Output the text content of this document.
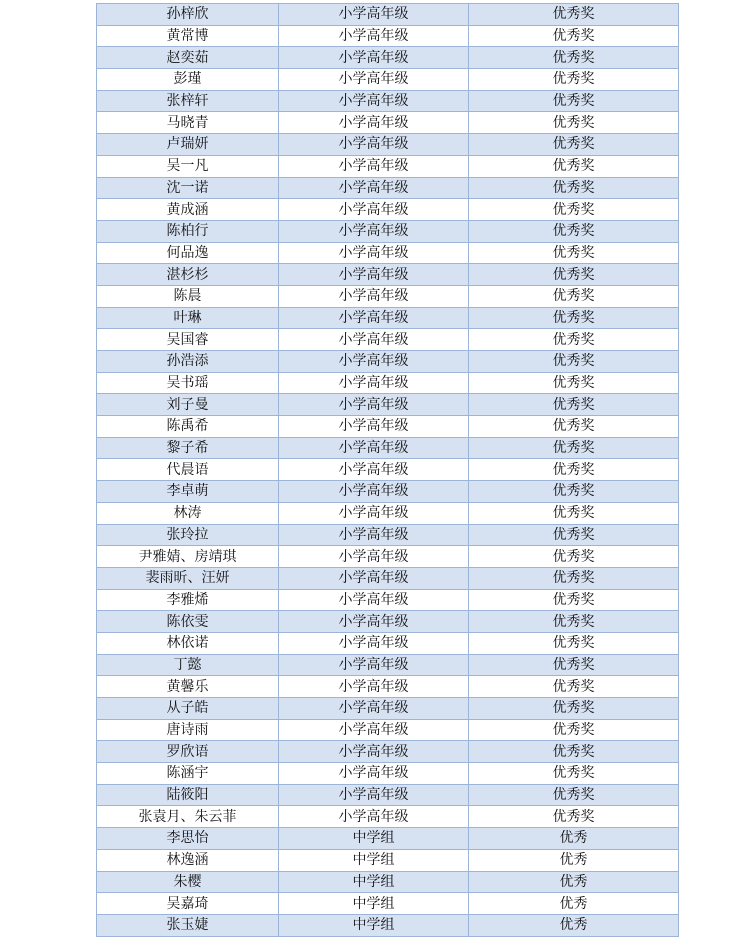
孙梓欣	小学高年级	优秀奖
黄常博	小学高年级	优秀奖
赵奕茹	小学高年级	优秀奖
彭瑾	小学高年级	优秀奖
张梓轩	小学高年级	优秀奖
马晓青	小学高年级	优秀奖
卢瑞妍	小学高年级	优秀奖
吴一凡	小学高年级	优秀奖
沈一诺	小学高年级	优秀奖
黄成涵	小学高年级	优秀奖
陈柏行	小学高年级	优秀奖
何品逸	小学高年级	优秀奖
湛杉杉	小学高年级	优秀奖
陈晨	小学高年级	优秀奖
叶琳	小学高年级	优秀奖
吴国睿	小学高年级	优秀奖
孙浩添	小学高年级	优秀奖
吴书瑶	小学高年级	优秀奖
刘子曼	小学高年级	优秀奖
陈禹希	小学高年级	优秀奖
黎子希	小学高年级	优秀奖
代晨语	小学高年级	优秀奖
李卓萌	小学高年级	优秀奖
林涛	小学高年级	优秀奖
张玲拉	小学高年级	优秀奖
尹雅婧、房靖琪	小学高年级	优秀奖
裴雨昕、汪妍	小学高年级	优秀奖
李雅烯	小学高年级	优秀奖
陈依雯	小学高年级	优秀奖
林依诺	小学高年级	优秀奖
丁懿	小学高年级	优秀奖
黄馨乐	小学高年级	优秀奖
从子皓	小学高年级	优秀奖
唐诗雨	小学高年级	优秀奖
罗欣语	小学高年级	优秀奖
陈涵宇	小学高年级	优秀奖
陆筱阳	小学高年级	优秀奖
张袁月、朱云菲	小学高年级	优秀奖
李思怡	中学组	优秀
林逸涵	中学组	优秀
朱樱	中学组	优秀
吴嘉琦	中学组	优秀
张玉婕	中学组	优秀
